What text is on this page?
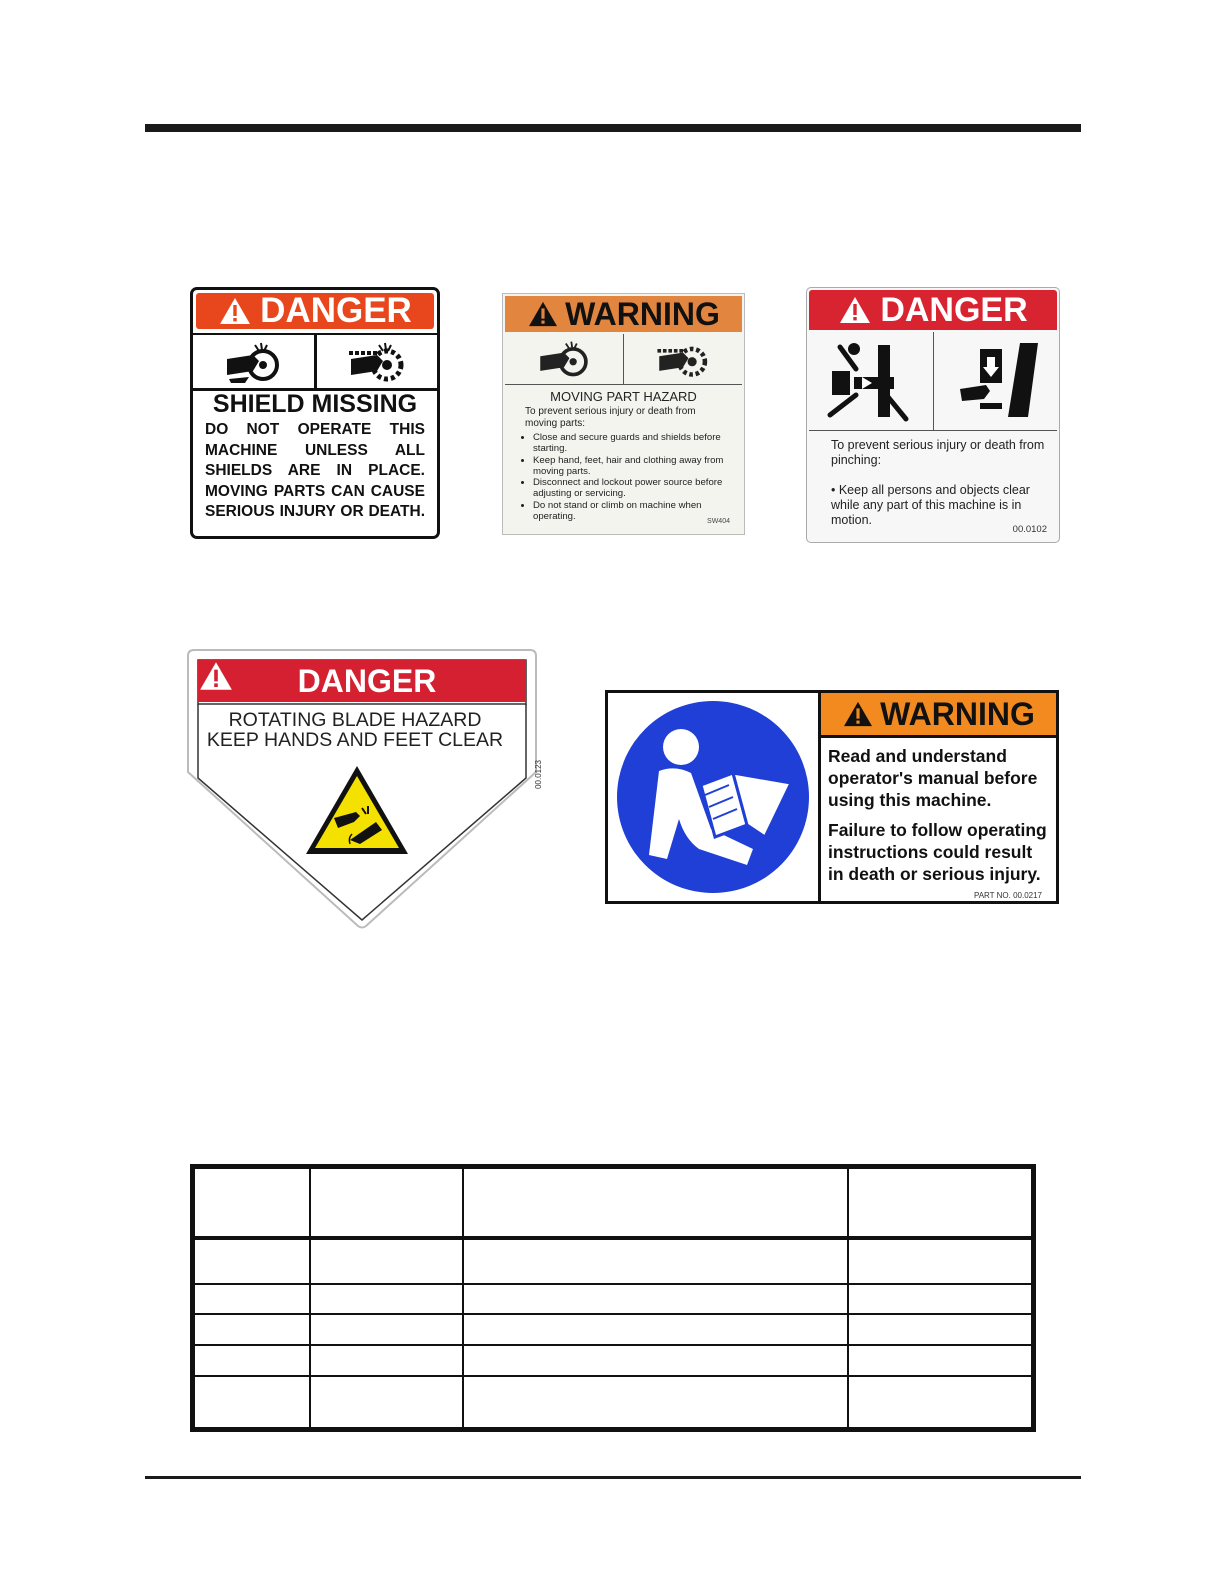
DANGER
SHIELD MISSING
DO NOT OPERATE THIS
MACHINE UNLESS ALL
SHIELDS ARE IN PLACE.
MOVING PARTS CAN CAUSE
SERIOUS INJURY OR DEATH.
WARNING
MOVING PART HAZARD
To prevent serious injury or death from moving parts:
• Close and secure guards and shields before starting.
• Keep hand, feet, hair and clothing away from moving parts.
• Disconnect and lockout power source before adjusting or servicing.
• Do not stand or climb on machine when operating.	SW404
DANGER
To prevent serious injury or death from pinching:
• Keep all persons and objects clear while any part of this machine is in motion.
00.0102
DANGER
ROTATING BLADE HAZARD
KEEP HANDS AND FEET CLEAR
00.0123
WARNING
Read and understand operator's manual before using this machine.
Failure to follow operating instructions could result in death or serious injury.
PART NO. 00.0217
